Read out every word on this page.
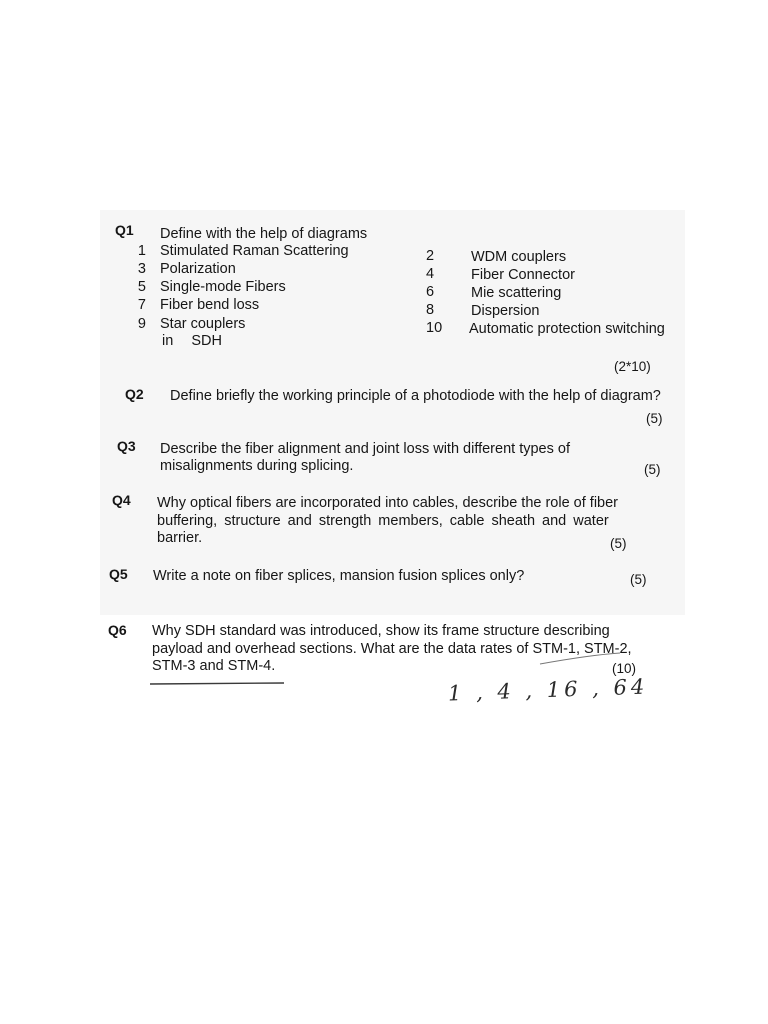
Q1 Define with the help of diagrams
1 Stimulated Raman Scattering
3 Polarization
5 Single-mode Fibers
7 Fiber bend loss
9 Star couplers
in SDH
2	WDM couplers
4	Fiber Connector
6	Mie scattering
8	Dispersion
10 Automatic protection switching
(2*10)
Q2 Define briefly the working principle of a photodiode with the help of diagram?
(5)
Q3 Describe the fiber alignment and joint loss with different types of
misalignments during splicing.	(5)
Q4 Why optical fibers are incorporated into cables, describe the role of fiber
buffering, structure and strength members, cable sheath and water
barrier.	(5)
Q5 Write a note on fiber splices, mansion fusion splices only?	(5)
Q6 Why SDH standard was introduced, show its frame structure describing
payload and overhead sections. What are the data rates of STM-1, STM-2,
STM-3 and STM-4.	(10)
1 , 4 , 16 , 64
